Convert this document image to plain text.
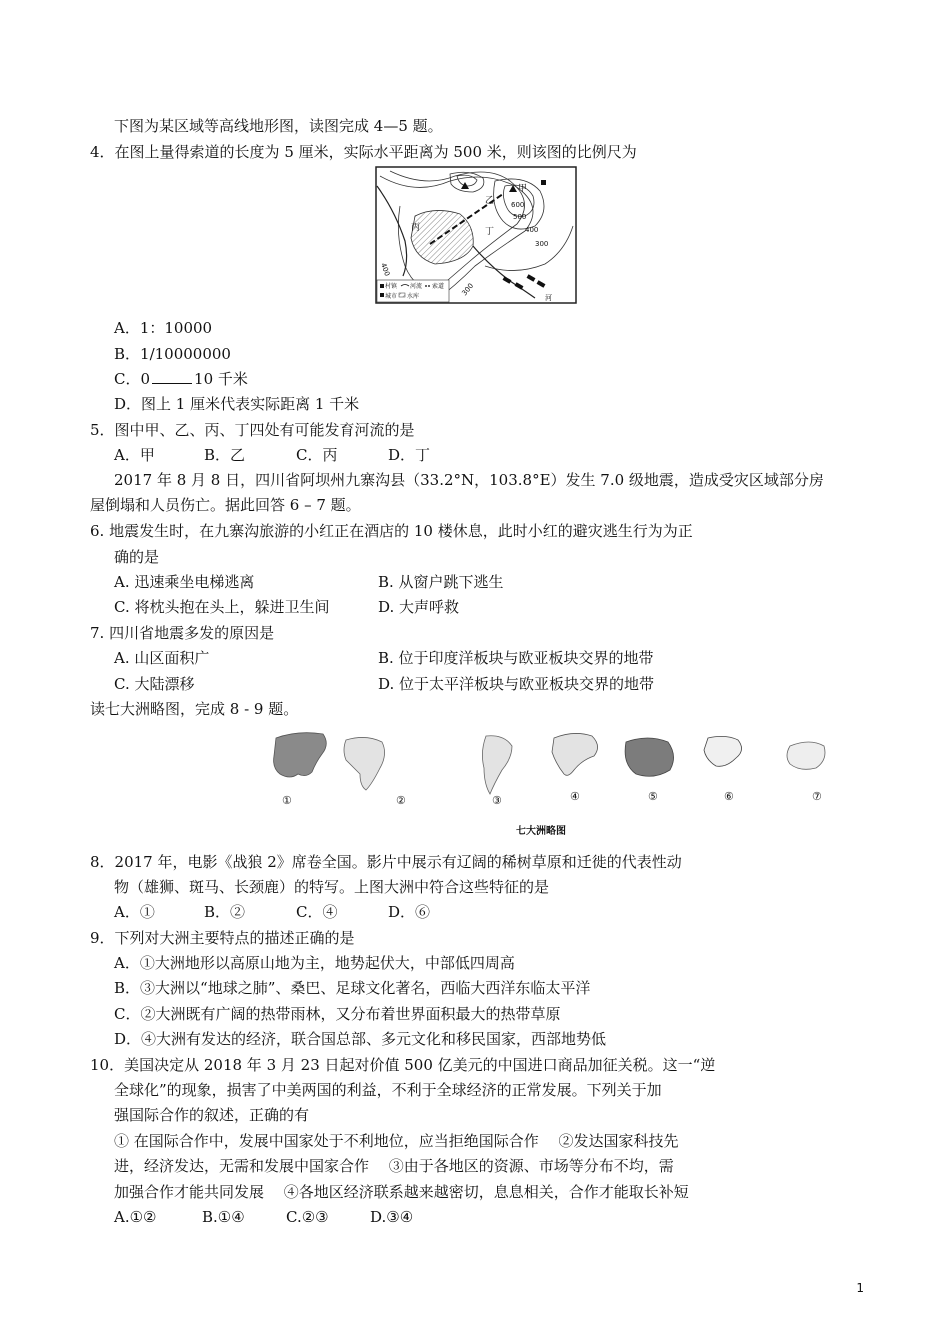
下图为某区域等高线地形图，读图完成 4—5 题。
4．在图上量得索道的长度为 5 厘米，实际水平距离为 500 米，则该图的比例尺为
甲
乙
丙	丁
600
500
400
300
400
300
河
村镇 河流 索道
城市 水库
A．1：10000
B．1/10000000
C．0	10 千米
D．图上 1 厘米代表实际距离 1 千米
5．图中甲、乙、丙、丁四处有可能发育河流的是
A．甲	B．乙	C．丙	D．丁
2017 年 8 月 8 日，四川省阿坝州九寨沟县（33.2°N，103.8°E）发生 7.0 级地震，造成受灾区域部分房
屋倒塌和人员伤亡。据此回答 6 – 7 题。
6. 地震发生时，在九寨沟旅游的小红正在酒店的 10 楼休息，此时小红的避灾逃生行为为正
确的是
A. 迅速乘坐电梯逃离	B. 从窗户跳下逃生
C. 将枕头抱在头上，躲进卫生间	D. 大声呼救
7. 四川省地震多发的原因是
A. 山区面积广	B. 位于印度洋板块与欧亚板块交界的地带
C. 大陆漂移	D. 位于太平洋板块与欧亚板块交界的地带
读七大洲略图，完成 8 - 9 题。
①	②	③	④	⑤	⑥	⑦
七大洲略图
8．2017 年，电影《战狼 2》席卷全国。影片中展示有辽阔的稀树草原和迁徙的代表性动
物（雄狮、斑马、长颈鹿）的特写。上图大洲中符合这些特征的是
A．①	B．②	C．④	D．⑥
9．下列对大洲主要特点的描述正确的是
A．①大洲地形以高原山地为主，地势起伏大，中部低四周高
B．③大洲以“地球之肺”、桑巴、足球文化著名，西临大西洋东临太平洋
C．②大洲既有广阔的热带雨林，又分布着世界面积最大的热带草原
D．④大洲有发达的经济，联合国总部、多元文化和移民国家，西部地势低
10．美国决定从 2018 年 3 月 23 日起对价值 500 亿美元的中国进口商品加征关税。这一“逆
全球化”的现象，损害了中美两国的利益，不利于全球经济的正常发展。下列关于加
强国际合作的叙述，正确的有
① 在国际合作中，发展中国家处于不利地位，应当拒绝国际合作　 ②发达国家科技先
进，经济发达，无需和发展中国家合作　 ③由于各地区的资源、市场等分布不均，需
加强合作才能共同发展　 ④各地区经济联系越来越密切，息息相关，合作才能取长补短
A.①②	B.①④	C.②③	D.③④
1
